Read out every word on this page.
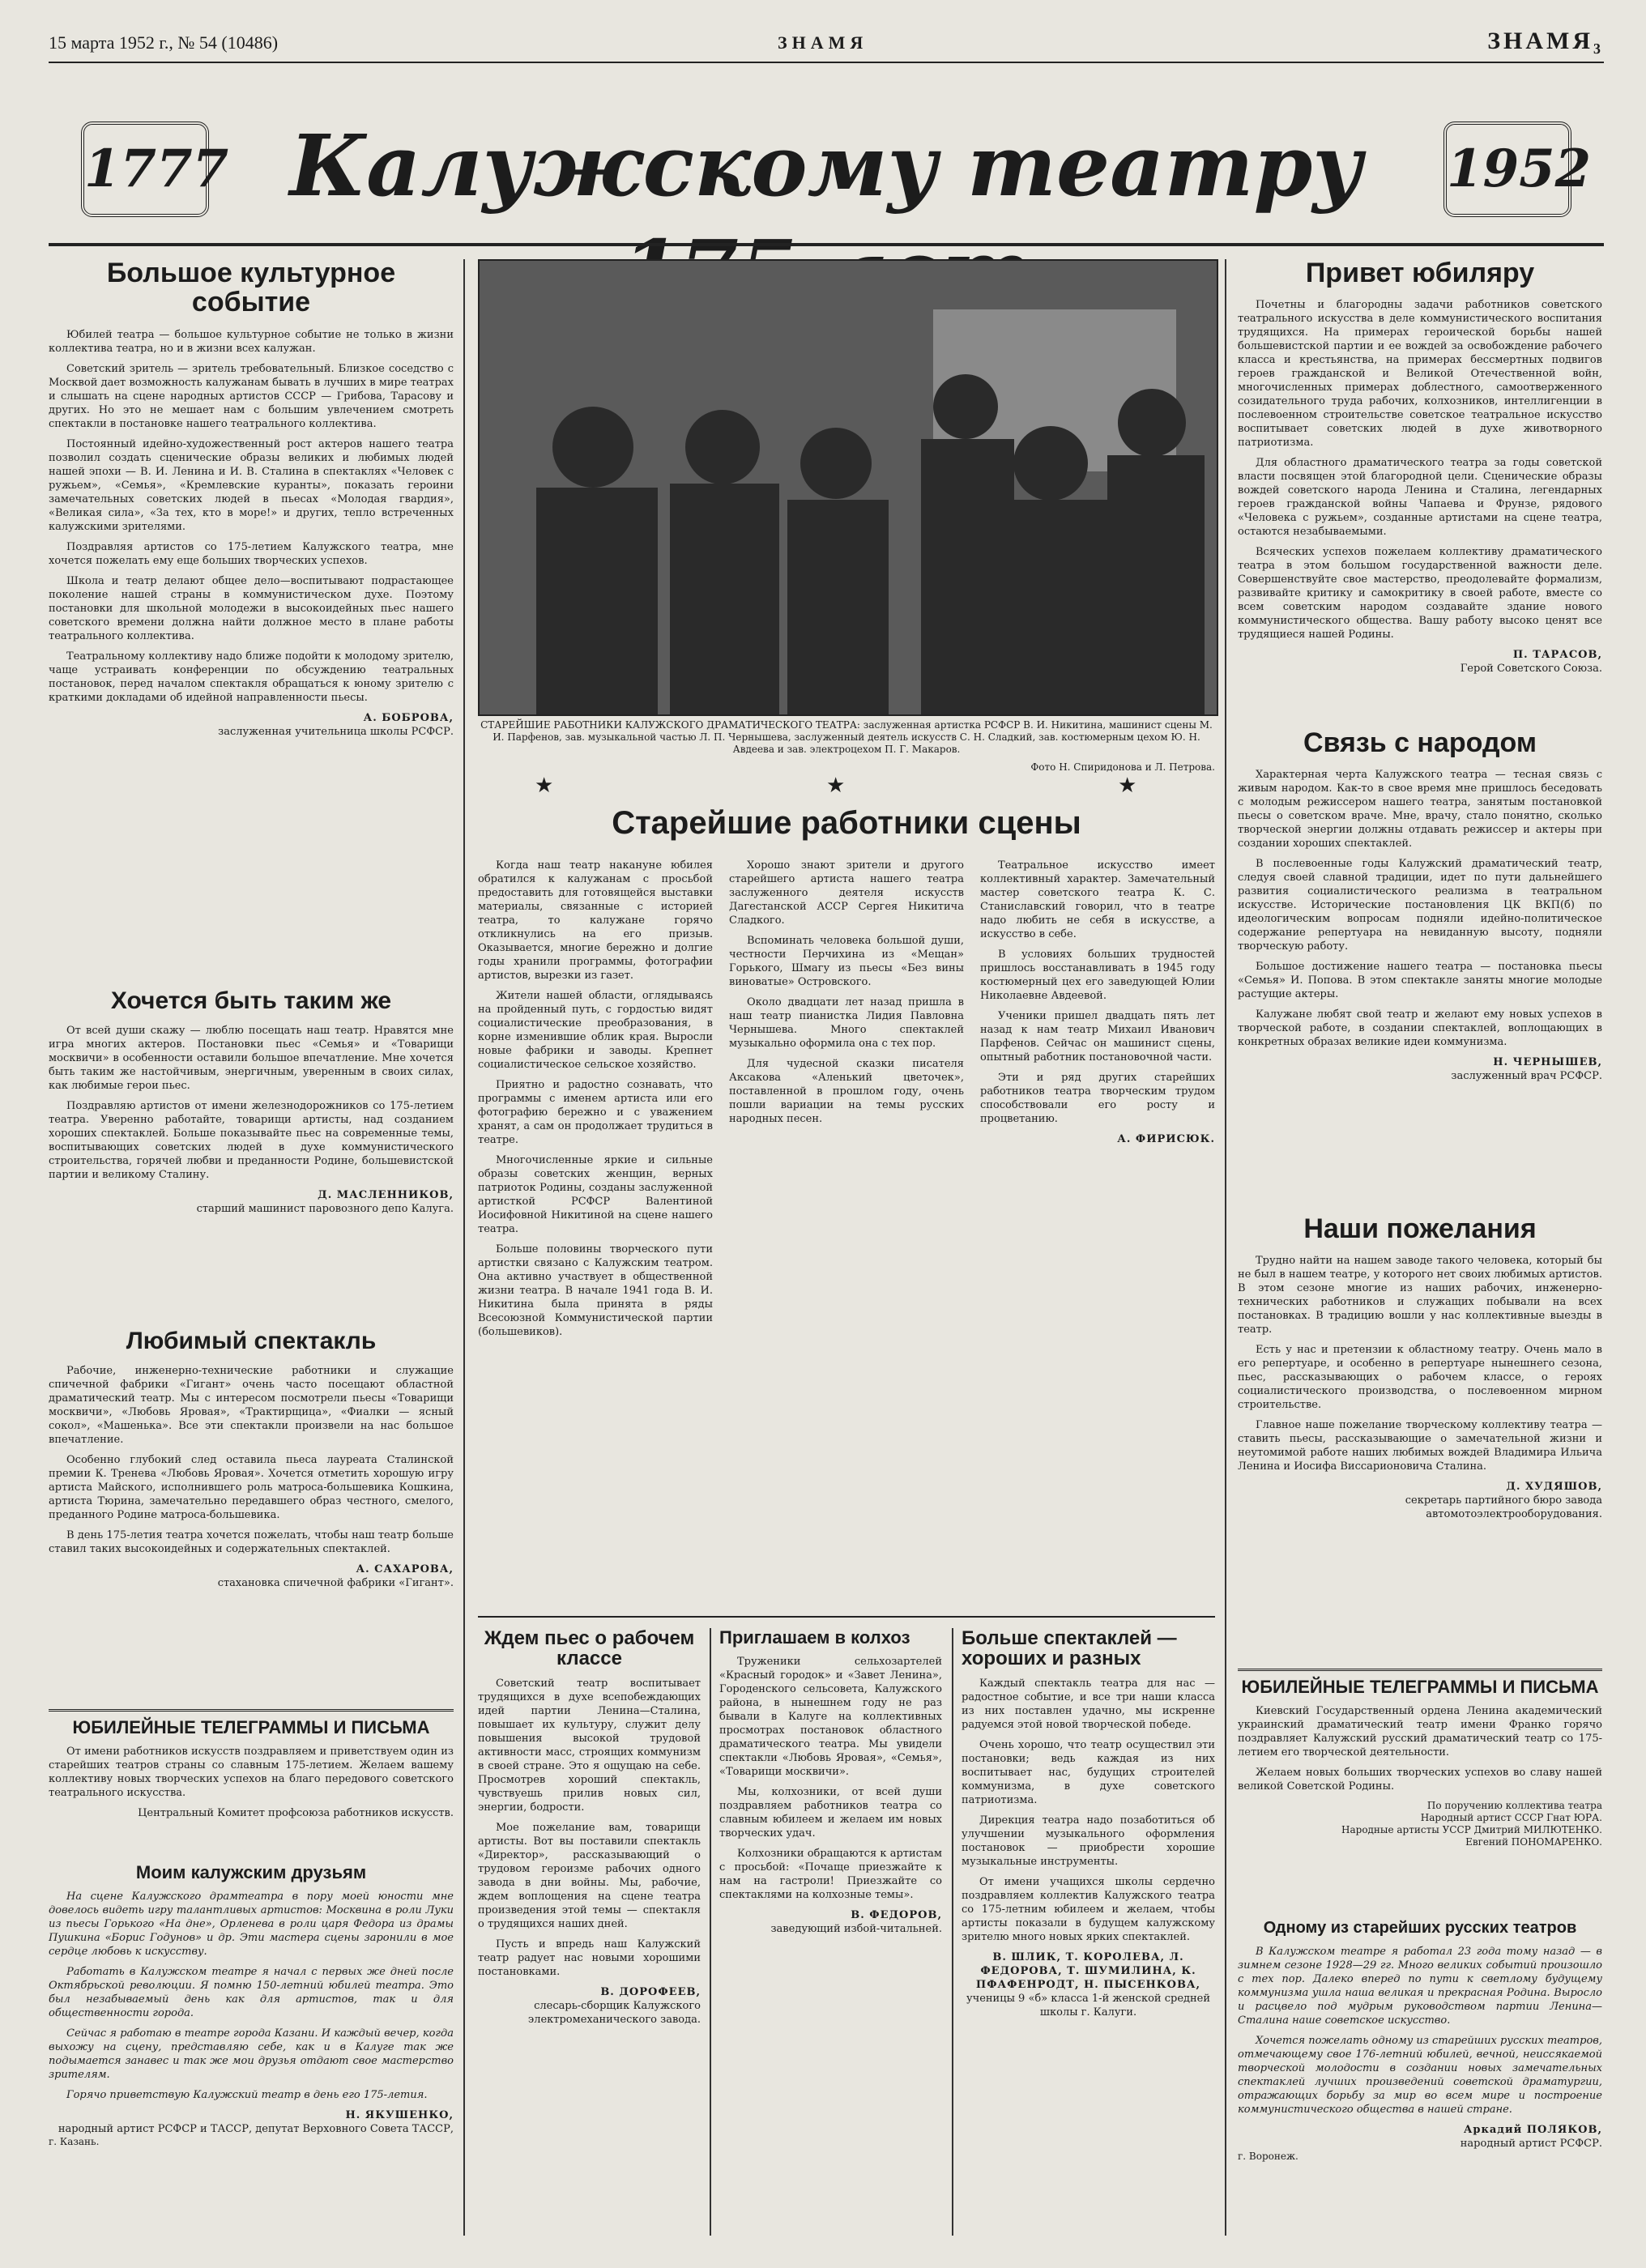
15 марта 1952 г., № 54 (10486)	ЗНАМЯ	ЗНАМЯ₃
1777 Калужскому театру	1952
Большое культурное событие

Юбилей театра — большое культурное событие не только в жизни коллектива театра, но и в жизни всех калужан.

Советский зритель — зритель требовательный. Близкое соседство с Москвой дает возможность калужанам бывать в лучших в мире театрах и слышать на сцене народных артистов СССР — Грибова, Тарасову и других. Но это не мешает нам с большим увлечением смотреть спектакли в постановке нашего театрального коллектива.

Постоянный идейно-художественный рост актеров нашего театра позволил создать сценические образы великих и любимых людей нашей эпохи — В. И. Ленина и И. В. Сталина в спектаклях «Человек с ружьем», «Семья», «Кремлевские куранты», показать героини замечательных советских людей в пьесах «Молодая гвардия», «Великая сила», «За тех, кто в море!» и других, тепло встреченных калужскими зрителями.

Поздравляя артистов со 175-летием Калужского театра, мне хочется пожелать ему еще больших творческих успехов.

Школа и театр делают общее дело—воспитывают подрастающее поколение нашей страны в коммунистическом духе. Поэтому постановки для школьной молодежи в высокоидейных пьес нашего советского времени должна найти должное место в плане работы театрального коллектива.

Театральному коллективу надо ближе подойти к молодому зрителю, чаще устраивать конференции по обсуждению театральных постановок, перед началом спектакля обращаться к юному зрителю с краткими докладами об идейной направленности пьесы.

А. БОБРОВА,
заслуженная учительница школы РСФСР.
Хочется быть таким же

От всей души скажу — люблю посещать наш театр. Нравятся мне игра многих актеров. Постановки пьес «Семья» и «Товарищи москвичи» в особенности оставили большое впечатление. Мне хочется быть таким же настойчивым, энергичным, уверенным в своих силах, как любимые герои пьес.

Поздравляю артистов от имени железнодорожников со 175-летием театра. Уверенно работайте, товарищи артисты, над созданием хороших спектаклей. Больше показывайте пьес на современные темы, воспитывающих советских людей в духе коммунистического строительства, горячей любви и преданности Родине, большевистской партии и великому Сталину.

Д. МАСЛЕННИКОВ,
старший машинист паровозного депо Калуга.
Любимый спектакль

Рабочие, инженерно-технические работники и служащие спичечной фабрики «Гигант» очень часто посещают областной драматический театр. Мы с интересом посмотрели пьесы «Товарищи москвичи», «Любовь Яровая», «Трактирщица», «Фиалки — ясный сокол», «Машенька». Все эти спектакли произвели на нас большое впечатление.

Особенно глубокий след оставила пьеса лауреата Сталинской премии К. Тренева «Любовь Яровая». Хочется отметить хорошую игру артиста Майского, исполнившего роль матроса-большевика Кошкина, артиста Тюрина, замечательно передавшего образ честного, смелого, преданного Родине матроса-большевика.

В день 175-летия театра хочется пожелать, чтобы наш театр больше ставил таких высокоидейных и содержательных спектаклей.

А. САХАРОВА,
стахановка спичечной фабрики «Гигант».
ЮБИЛЕЙНЫЕ ТЕЛЕГРАММЫ И ПИСЬМА

От имени работников искусств поздравляем и приветствуем один из старейших театров страны со славным 175-летием. Желаем вашему коллективу новых творческих успехов на благо передового советского театрального искусства.

Центральный Комитет профсоюза работников искусств.
Моим калужским друзьям

На сцене Калужского драмтеатра в пору моей юности мне довелось видеть игру талантливых артистов: Москвина в роли Луки из пьесы Горького «На дне», Орленева в роли царя Федора из драмы Пушкина «Борис Годунов» и др. Эти мастера сцены заронили в мое сердце любовь к искусству.

Работать в Калужском театре я начал с первых же дней после Октябрьской революции. Я помню 150-летний юбилей театра. Это был незабываемый день как для артистов, так и для общественности города.

Сейчас я работаю в театре города Казани. И каждый вечер, когда выхожу на сцену, представляю себе, как и в Калуге так же подымается занавес и так же мои друзья отдают свое мастерство зрителям.

Горячо приветствую Калужский театр в день его 175-летия.

Н. ЯКУШЕНКО,
народный артист РСФСР и ТАССР, депутат Верховного Совета ТАССР,
г. Казань.
СТАРЕЙШИЕ РАБОТНИКИ КАЛУЖСКОГО ДРАМАТИЧЕСКОГО ТЕАТРА: заслуженная артистка РСФСР В. И. Никитина, машинист сцены М. И. Парфенов, зав. музыкальной частью Л. П. Чернышева, заслуженный деятель искусств С. Н. Сладкий, зав. костюмерным цехом Ю. Н. Авдеева и зав. электроцехом П. Г. Макаров.
Фото Н. Спиридонова и Л. Петрова.
★	★	★
Старейшие работники сцены

Когда наш театр накануне юбилея обратился к калужанам с просьбой предоставить для готовящейся выставки материалы, связанные с историей театра, то калужане горячо откликнулись на его призыв. Оказывается, многие бережно и долгие годы хранили программы, фотографии артистов, вырезки из газет.

Жители нашей области, оглядываясь на пройденный путь, с гордостью видят социалистические преобразования, в корне изменившие облик края. Выросли новые фабрики и заводы. Крепнет социалистическое сельское хозяйство.

Приятно и радостно сознавать, что программы с именем артиста или его фотографию бережно и с уважением хранят, а сам он продолжает трудиться в театре.

Многочисленные яркие и сильные образы советских женщин, верных патриоток Родины, созданы заслуженной артисткой РСФСР Валентиной Иосифовной Никитиной на сцене нашего театра.

Больше половины творческого пути артистки связано с Калужским театром. Она активно участвует в общественной жизни театра. В начале 1941 года В. И. Никитина была принята в ряды Всесоюзной Коммунистической партии (большевиков).

Хорошо знают зрители и другого старейшего артиста нашего театра заслуженного деятеля искусств Дагестанской АССР Сергея Никитича Сладкого.

Вспоминать человека большой души, честности Перчихина из «Мещан» Горького, Шмагу из пьесы «Без вины виноватые» Островского.

Около двадцати лет назад пришла в наш театр пианистка Лидия Павловна Чернышева. Много спектаклей музыкально оформила она с тех пор.

Для чудесной сказки писателя Аксакова «Аленький цветочек», поставленной в прошлом году, очень пошли вариации на темы русских народных песен.

Театральное искусство имеет коллективный характер. Замечательный мастер советского театра К. С. Станиславский говорил, что в театре надо любить не себя в искусстве, а искусство в себе.

В условиях больших трудностей пришлось восстанавливать в 1945 году костюмерный цех его заведующей Юлии Николаевне Авдеевой.

Ученики пришел двадцать пять лет назад к нам театр Михаил Иванович Парфенов. Сейчас он машинист сцены, опытный работник постановочной части.

Эти и ряд других старейших работников театра творческим трудом способствовали его росту и процветанию.

А. ФИРИСЮК.
Ждем пьес о рабочем классе

Советский театр воспитывает трудящихся в духе всепобеждающих идей партии Ленина—Сталина, повышает их культуру, служит делу повышения высокой трудовой активности масс, строящих коммунизм в своей стране. Это я ощущаю на себе. Просмотрев хороший спектакль, чувствуешь прилив новых сил, энергии, бодрости.

Мое пожелание вам, товарищи артисты. Вот вы поставили спектакль «Директор», рассказывающий о трудовом героизме рабочих одного завода в дни войны. Мы, рабочие, ждем воплощения на сцене театра произведения этой темы — спектакля о трудящихся наших дней.

Пусть и впредь наш Калужский театр радует нас новыми хорошими постановками.

В. ДОРОФЕЕВ,
слесарь-сборщик Калужского электромеханического завода.
Приглашаем в колхоз

Труженики сельхозартелей «Красный городок» и «Завет Ленина», Городенского сельсовета, Калужского района, в нынешнем году не раз бывали в Калуге на коллективных просмотрах постановок областного драматического театра. Мы увидели спектакли «Любовь Яровая», «Семья», «Товарищи москвичи».

Мы, колхозники, от всей души поздравляем работников театра со славным юбилеем и желаем им новых творческих удач.

Колхозники обращаются к артистам с просьбой: «Почаще приезжайте к нам на гастроли! Приезжайте со спектаклями на колхозные темы».

В. ФЕДОРОВ,
заведующий избой-читальней.
Больше спектаклей — хороших и разных

Каждый спектакль театра для нас — радостное событие, и все три наши класса из них поставлен удачно, мы искренне радуемся этой новой творческой победе.

Очень хорошо, что театр осуществил эти постановки; ведь каждая из них воспитывает нас, будущих строителей коммунизма, в духе советского патриотизма.

Дирекция театра надо позаботиться об улучшении музыкального оформления постановок — приобрести хорошие музыкальные инструменты.

От имени учащихся школы сердечно поздравляем коллектив Калужского театра со 175-летним юбилеем и желаем, чтобы артисты показали в будущем калужскому зрителю много новых ярких спектаклей.

В. ШЛИК, Т. КОРОЛЕВА, Л. ФЕДОРОВА, Т. ШУМИЛИНА, К. ПФАФЕНРОДТ, Н. ПЫСЕНКОВА,
ученицы 9 «б» класса 1-й женской средней школы г. Калуги.
Привет юбиляру

Почетны и благородны задачи работников советского театрального искусства в деле коммунистического воспитания трудящихся. На примерах героической борьбы нашей большевистской партии и ее вождей за освобождение рабочего класса и крестьянства, на примерах бессмертных подвигов героев гражданской и Великой Отечественной войн, многочисленных примерах доблестного, самоотверженного созидательного труда рабочих, колхозников, интеллигенции в послевоенном строительстве советское театральное искусство воспитывает советских людей в духе животворного патриотизма.

Для областного драматического театра за годы советской власти посвящен этой благородной цели. Сценические образы вождей советского народа Ленина и Сталина, легендарных героев гражданской войны Чапаева и Фрунзе, рядового «Человека с ружьем», созданные артистами на сцене театра, остаются незабываемыми.

Всяческих успехов пожелаем коллективу драматического театра в этом большом государственной важности деле. Совершенствуйте свое мастерство, преодолевайте формализм, развивайте критику и самокритику в своей работе, вместе со всем советским народом создавайте здание нового коммунистического общества. Вашу работу высоко ценят все трудящиеся нашей Родины.

П. ТАРАСОВ,
Герой Советского Союза.
Связь с народом

Характерная черта Калужского театра — тесная связь с живым народом. Как-то в свое время мне пришлось беседовать с молодым режиссером нашего театра, занятым постановкой пьесы о советском враче. Мне, врачу, стало понятно, сколько творческой энергии должны отдавать режиссер и актеры при создании хороших спектаклей.

В послевоенные годы Калужский драматический театр, следуя своей славной традиции, идет по пути дальнейшего развития социалистического реализма в театральном искусстве. Исторические постановления ЦК ВКП(б) по идеологическим вопросам подняли идейно-политическое содержание репертуара на невиданную высоту, подняли творческую работу.

Большое достижение нашего театра — постановка пьесы «Семья» И. Попова. В этом спектакле заняты многие молодые растущие актеры.

Калужане любят свой театр и желают ему новых успехов в творческой работе, в создании спектаклей, воплощающих в конкретных образах великие идеи коммунизма.

Н. ЧЕРНЫШЕВ,
заслуженный врач РСФСР.
Наши пожелания

Трудно найти на нашем заводе такого человека, который бы не был в нашем театре, у которого нет своих любимых артистов. В этом сезоне многие из наших рабочих, инженерно-технических работников и служащих побывали на всех постановках. В традицию вошли у нас коллективные выезды в театр.

Есть у нас и претензии к областному театру. Очень мало в его репертуаре, и особенно в репертуаре нынешнего сезона, пьес, рассказывающих о рабочем классе, о героях социалистического производства, о послевоенном мирном строительстве.

Главное наше пожелание творческому коллективу театра — ставить пьесы, рассказывающие о замечательной жизни и неутомимой работе наших любимых вождей Владимира Ильича Ленина и Иосифа Виссарионовича Сталина.

Д. ХУДЯШОВ,
секретарь партийного бюро завода автомотоэлектрооборудования.
ЮБИЛЕЙНЫЕ ТЕЛЕГРАММЫ И ПИСЬМА

Киевский Государственный ордена Ленина академический украинский драматический театр имени Франко горячо поздравляет Калужский русский драматический театр со 175-летием его творческой деятельности.

Желаем новых больших творческих успехов во славу нашей великой Советской Родины.

По поручению коллектива театра
Народный артист СССР Гнат ЮРА.
Народные артисты УССР Дмитрий МИЛЮТЕНКО.
Евгений ПОНОМАРЕНКО.
Одному из старейших русских театров

В Калужском театре я работал 23 года тому назад — в зимнем сезоне 1928—29 гг. Много великих событий произошло с тех пор. Далеко вперед по пути к светлому будущему коммунизма ушла наша великая и прекрасная Родина. Выросло и расцвело под мудрым руководством партии Ленина—Сталина наше советское искусство.

Хочется пожелать одному из старейших русских театров, отмечающему свое 176-летний юбилей, вечной, неиссякаемой творческой молодости в создании новых замечательных спектаклей лучших произведений советской драматургии, отражающих борьбу за мир во всем мире и построение коммунистического общества в нашей стране.

Аркадий ПОЛЯКОВ,
народный артист РСФСР.
г. Воронеж.
